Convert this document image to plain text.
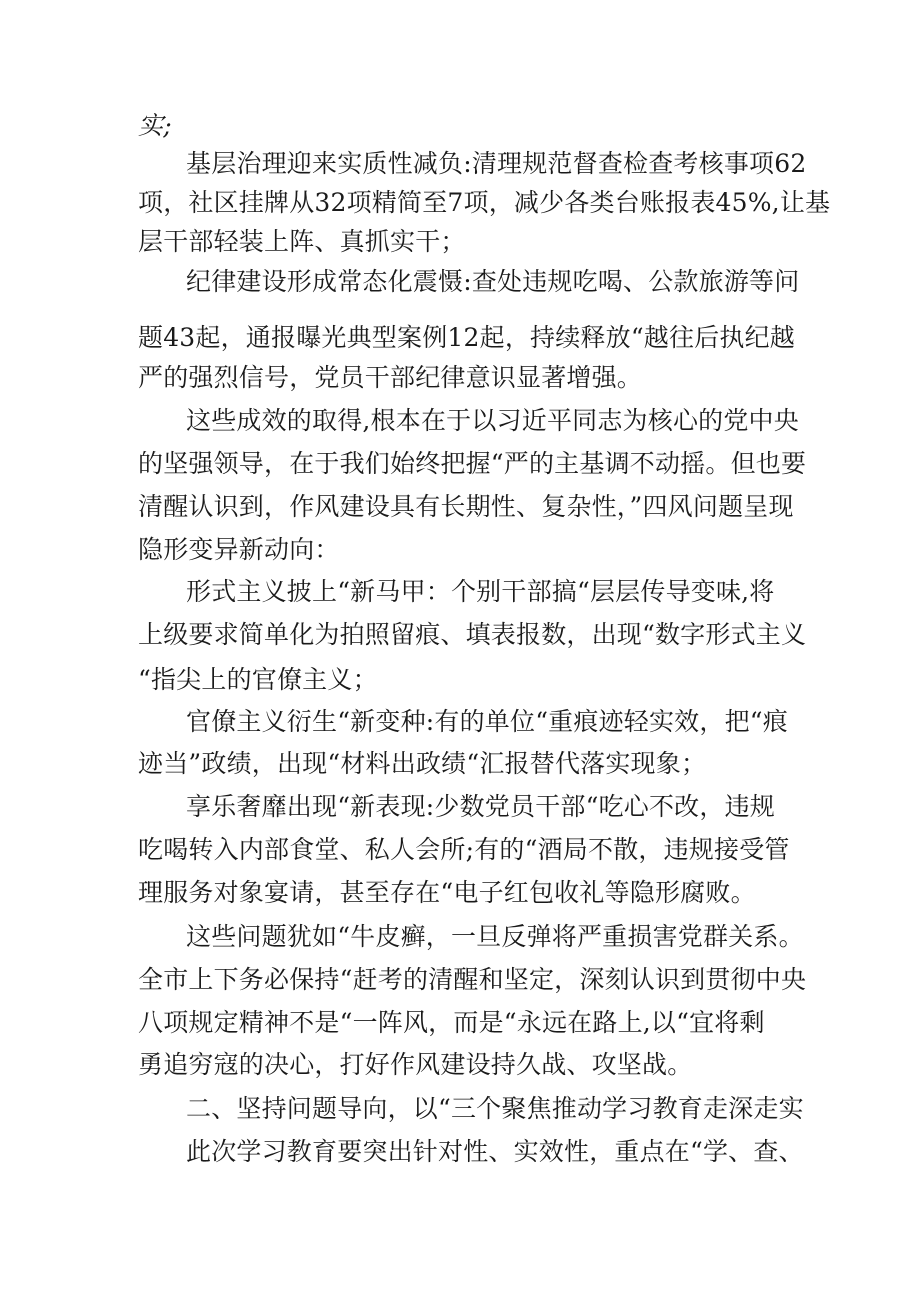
实;

基层治理迎来实质性减负:清理规范督查检查考核事项62

项，社区挂牌从32项精简至7项，减少各类台账报表45%,让基

层干部轻装上阵、真抓实干；

纪律建设形成常态化震慑:查处违规吃喝、公款旅游等问

题43起，通报曝光典型案例12起，持续释放“越往后执纪越

严的强烈信号，党员干部纪律意识显著增强。

这些成效的取得,根本在于以习近平同志为核心的党中央

的坚强领导，在于我们始终把握“严的主基调不动摇。但也要

清醒认识到，作风建设具有长期性、复杂性，”四风问题呈现

隐形变异新动向：

形式主义披上“新马甲：个别干部搞“层层传导变味,将

上级要求简单化为拍照留痕、填表报数，出现“数字形式主义

“指尖上的官僚主义；

官僚主义衍生“新变种:有的单位“重痕迹轻实效，把“痕

迹当”政绩，出现“材料出政绩“汇报替代落实现象；

享乐奢靡出现“新表现:少数党员干部“吃心不改，违规

吃喝转入内部食堂、私人会所;有的“酒局不散，违规接受管

理服务对象宴请，甚至存在“电子红包收礼等隐形腐败。

这些问题犹如“牛皮癣，一旦反弹将严重损害党群关系。

全市上下务必保持“赶考的清醒和坚定，深刻认识到贯彻中央

八项规定精神不是“一阵风，而是“永远在路上,以“宜将剩

勇追穷寇的决心，打好作风建设持久战、攻坚战。

二、坚持问题导向，以“三个聚焦推动学习教育走深走实

此次学习教育要突出针对性、实效性，重点在“学、查、
